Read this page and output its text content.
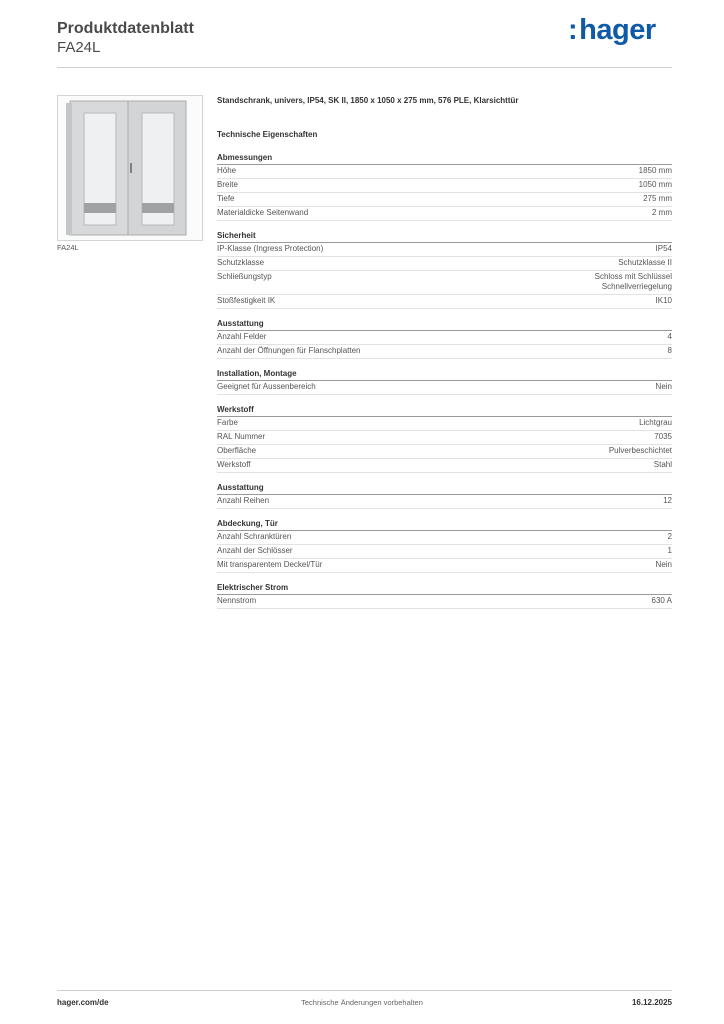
Produktdatenblatt
FA24L
:hager
FA24L
Standschrank, univers, IP54, SK II, 1850 x 1050 x 275 mm, 576 PLE, Klarsichttür
Technische Eigenschaften
Abmessungen
Höhe	1850 mm
Breite	1050 mm
Tiefe	275 mm
Materialdicke Seitenwand	2 mm
Sicherheit
IP-Klasse (Ingress Protection)	IP54
Schutzklasse	Schutzklasse II
Schließungstyp	Schloss mit Schlüssel
Schnellverriegelung
Stoßfestigkeit IK	IK10
Ausstattung
Anzahl Felder	4
Anzahl der Öffnungen für Flanschplatten	8
Installation, Montage
Geeignet für Aussenbereich	Nein
Werkstoff
Farbe	Lichtgrau
RAL Nummer	7035
Oberfläche	Pulverbeschichtet
Werkstoff	Stahl
Ausstattung
Anzahl Reihen	12
Abdeckung, Tür
Anzahl Schranktüren	2
Anzahl der Schlösser	1
Mit transparentem Deckel/Tür	Nein
Elektrischer Strom
Nennstrom	630 A
hager.com/de	Technische Änderungen vorbehalten	16.12.2025
